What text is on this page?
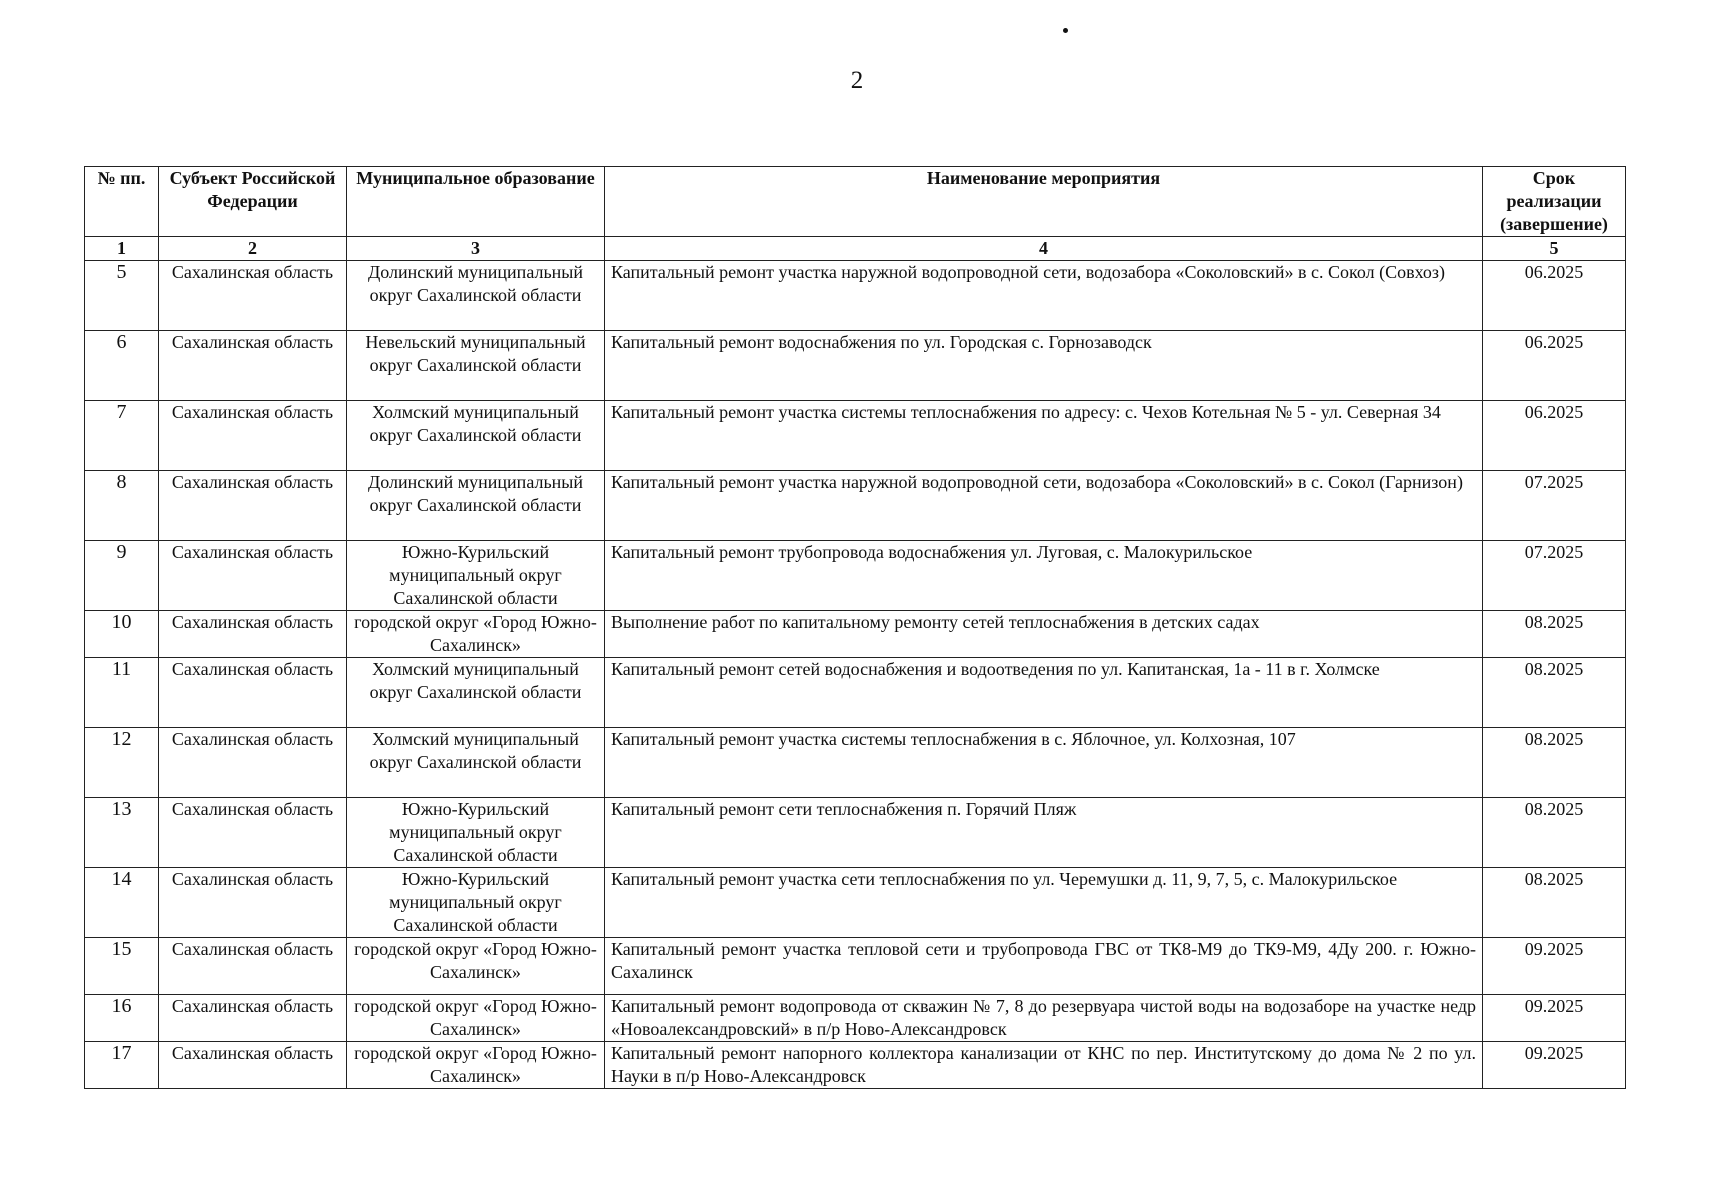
2
№ пп.	Субъект Российской Федерации	Муниципальное образование	Наименование мероприятия	Срок реализации (завершение)
1	2	3	4	5
5	Сахалинская область	Долинский муниципальный округ Сахалинской области	Капитальный ремонт участка наружной водопроводной сети, водозабора «Соколовский» в с. Сокол (Совхоз)	06.2025
6	Сахалинская область	Невельский муниципальный округ Сахалинской области	Капитальный ремонт водоснабжения по ул. Городская с. Горнозаводск	06.2025
7	Сахалинская область	Холмский муниципальный округ Сахалинской области	Капитальный ремонт участка системы теплоснабжения по адресу: с. Чехов Котельная № 5 - ул. Северная 34	06.2025
8	Сахалинская область	Долинский муниципальный округ Сахалинской области	Капитальный ремонт участка наружной водопроводной сети, водозабора «Соколовский» в с. Сокол (Гарнизон)	07.2025
9	Сахалинская область	Южно-Курильский муниципальный округ Сахалинской области	Капитальный ремонт трубопровода водоснабжения ул. Луговая, с. Малокурильское	07.2025
10	Сахалинская область	городской округ «Город Южно-Сахалинск»	Выполнение работ по капитальному ремонту сетей теплоснабжения в детских садах	08.2025
11	Сахалинская область	Холмский муниципальный округ Сахалинской области	Капитальный ремонт сетей водоснабжения и водоотведения по ул. Капитанская, 1а - 11 в г. Холмске	08.2025
12	Сахалинская область	Холмский муниципальный округ Сахалинской области	Капитальный ремонт участка системы теплоснабжения в с. Яблочное, ул. Колхозная, 107	08.2025
13	Сахалинская область	Южно-Курильский муниципальный округ Сахалинской области	Капитальный ремонт сети теплоснабжения п. Горячий Пляж	08.2025
14	Сахалинская область	Южно-Курильский муниципальный округ Сахалинской области	Капитальный ремонт участка сети теплоснабжения по ул. Черемушки д. 11, 9, 7, 5, с. Малокурильское	08.2025
15	Сахалинская область	городской округ «Город Южно-Сахалинск»	Капитальный ремонт участка тепловой сети и трубопровода ГВС от ТК8-М9 до ТК9-М9, 4Ду 200. г. Южно-Сахалинск	09.2025
16	Сахалинская область	городской округ «Город Южно-Сахалинск»	Капитальный ремонт водопровода от скважин № 7, 8 до резервуара чистой воды на водозаборе на участке недр «Новоалександровский» в п/р Ново-Александровск	09.2025
17	Сахалинская область	городской округ «Город Южно-Сахалинск»	Капитальный ремонт напорного коллектора канализации от КНС по пер. Институтскому до дома № 2 по ул. Науки в п/р Ново-Александровск	09.2025
